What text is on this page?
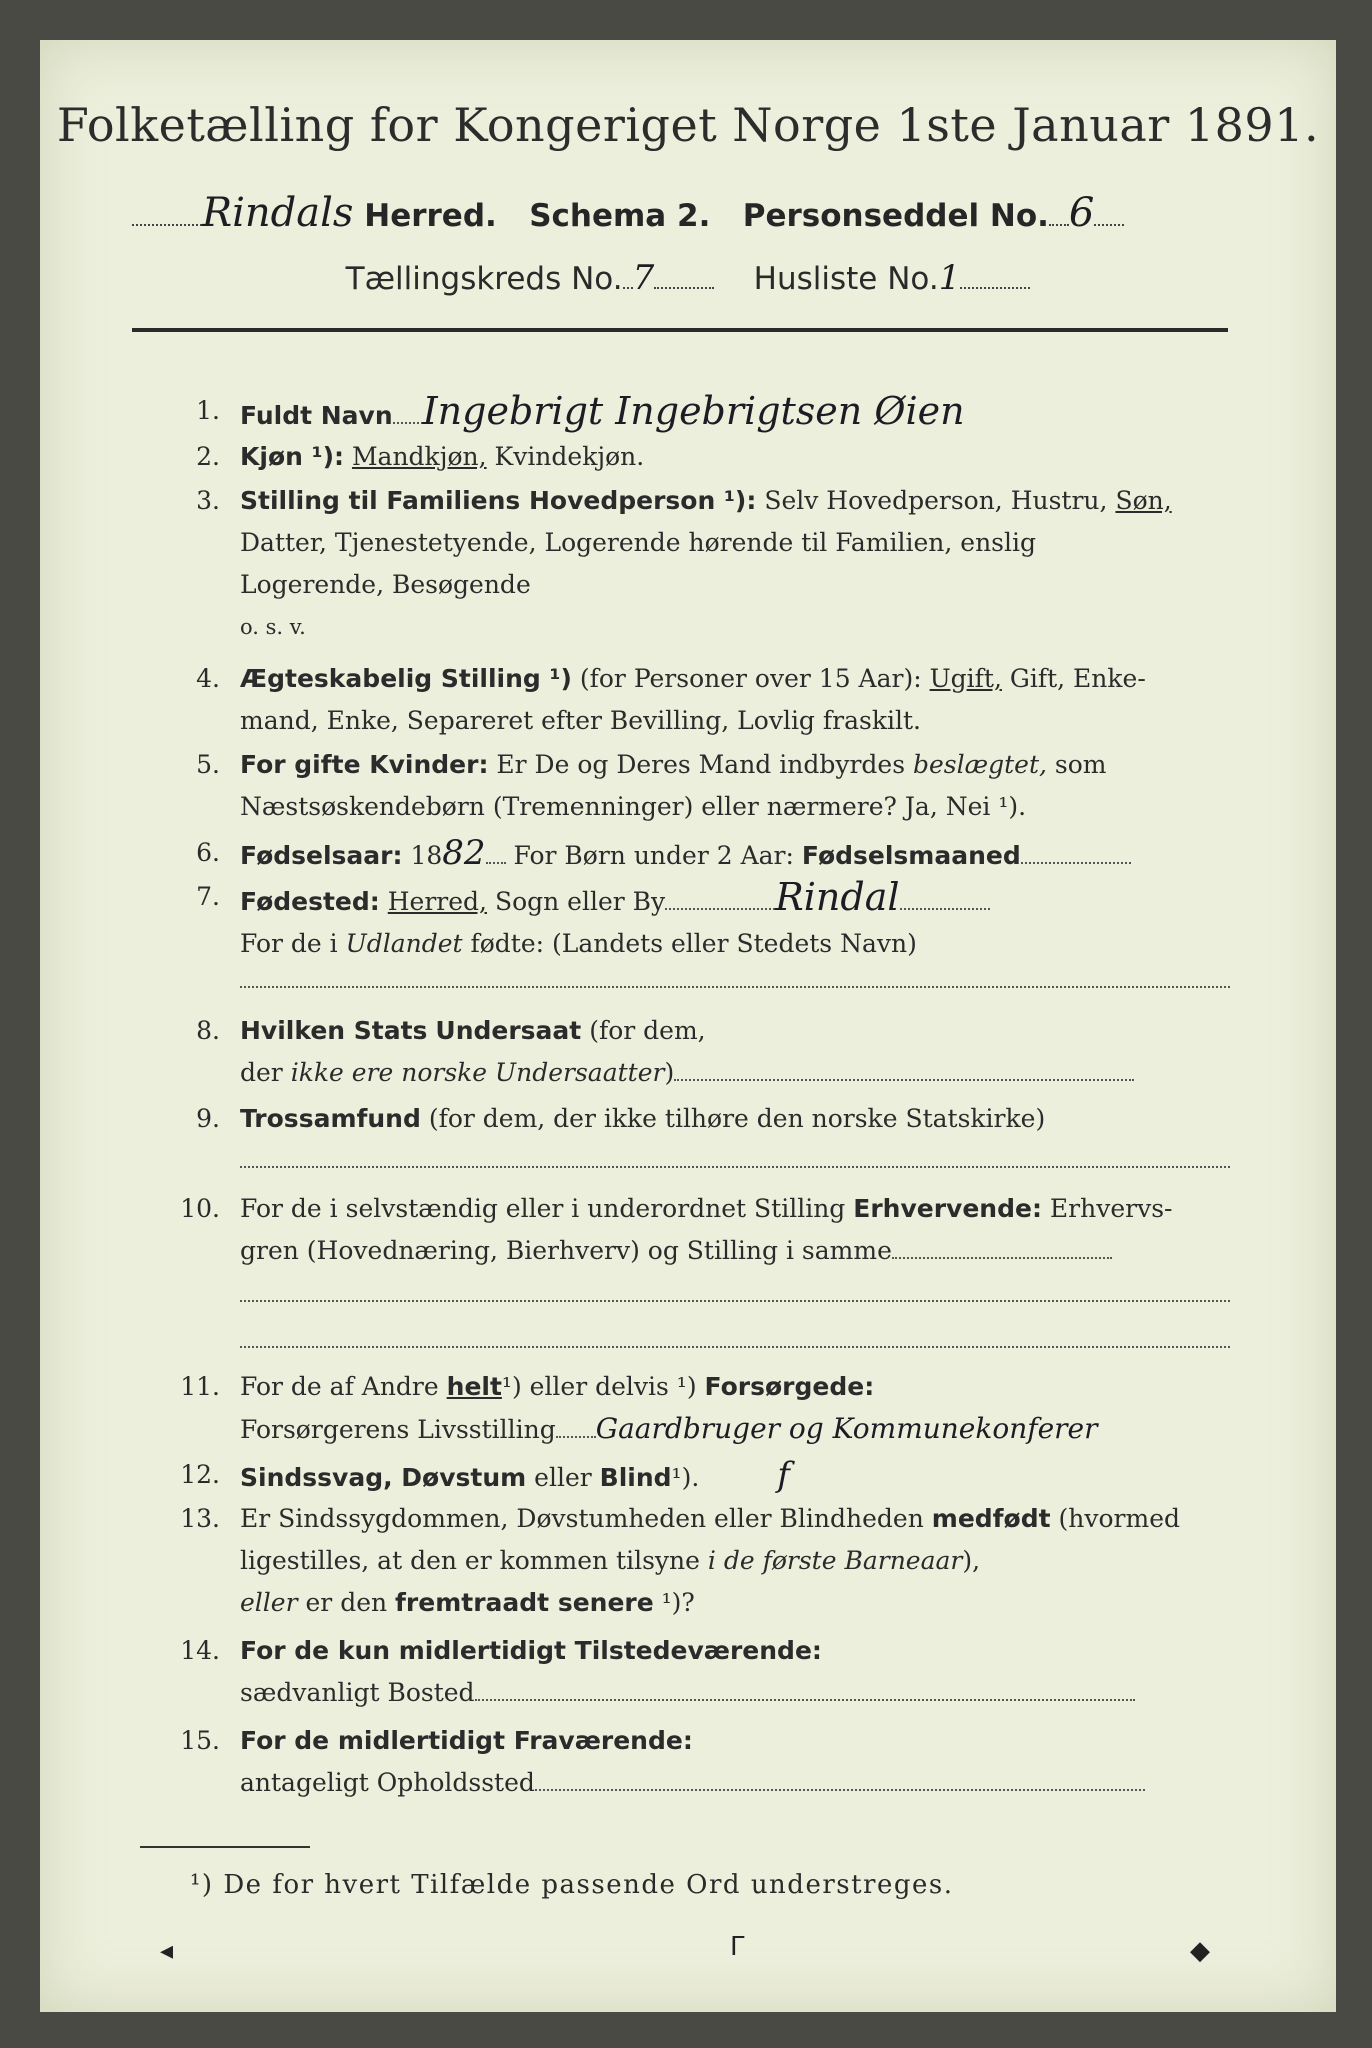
Folketælling for Kongeriget Norge 1ste Januar 1891.
Rindals Herred. Schema 2. Personseddel No. 6
Tællingskreds No. 7	Husliste No.1
1. Fuldt Navn Ingebrigt Ingebrigtsen Øien
2. Kjøn ¹): Mandkjøn, Kvindekjøn.
3. Stilling til Familiens Hovedperson ¹): Selv Hovedperson, Hustru, Søn,
Datter, Tjenestetyende, Logerende hørende til Familien, enslig
Logerende, Besøgende
o. s. v.
4. Ægteskabelig Stilling ¹) (for Personer over 15 Aar): Ugift, Gift, Enke-
mand, Enke, Separeret efter Bevilling, Lovlig fraskilt.
5. For gifte Kvinder: Er De og Deres Mand indbyrdes beslægtet, som
Næstsøskendebørn (Tremenninger) eller nærmere? Ja, Nei ¹).
6. Fødselsaar: 1882 For Børn under 2 Aar: Fødselsmaaned
7. Fødested: Herred, Sogn eller By	Rindal
For de i Udlandet fødte: (Landets eller Stedets Navn)
8. Hvilken Stats Undersaat (for dem,
der ikke ere norske Undersaatter)
9. Trossamfund (for dem, der ikke tilhøre den norske Statskirke)
10. For de i selvstændig eller i underordnet Stilling Erhvervende: Erhvervs-
gren (Hovednæring, Bierhverv) og Stilling i samme
11. For de af Andre helt¹) eller delvis ¹) Forsørgede:
Forsørgerens Livsstilling Gaardbruger og Kommunekonferer
12. Sindssvag, Døvstum eller Blind¹). f
13. Er Sindssygdommen, Døvstumheden eller Blindheden medfødt (hvormed
ligestilles, at den er kommen tilsyne i de første Barneaar),
eller er den fremtraadt senere ¹)?
14. For de kun midlertidigt Tilstedeværende:
sædvanligt Bosted
15. For de midlertidigt Fraværende:
antageligt Opholdssted
¹) De for hvert Tilfælde passende Ord understreges.
◂	ᒥ	◆
